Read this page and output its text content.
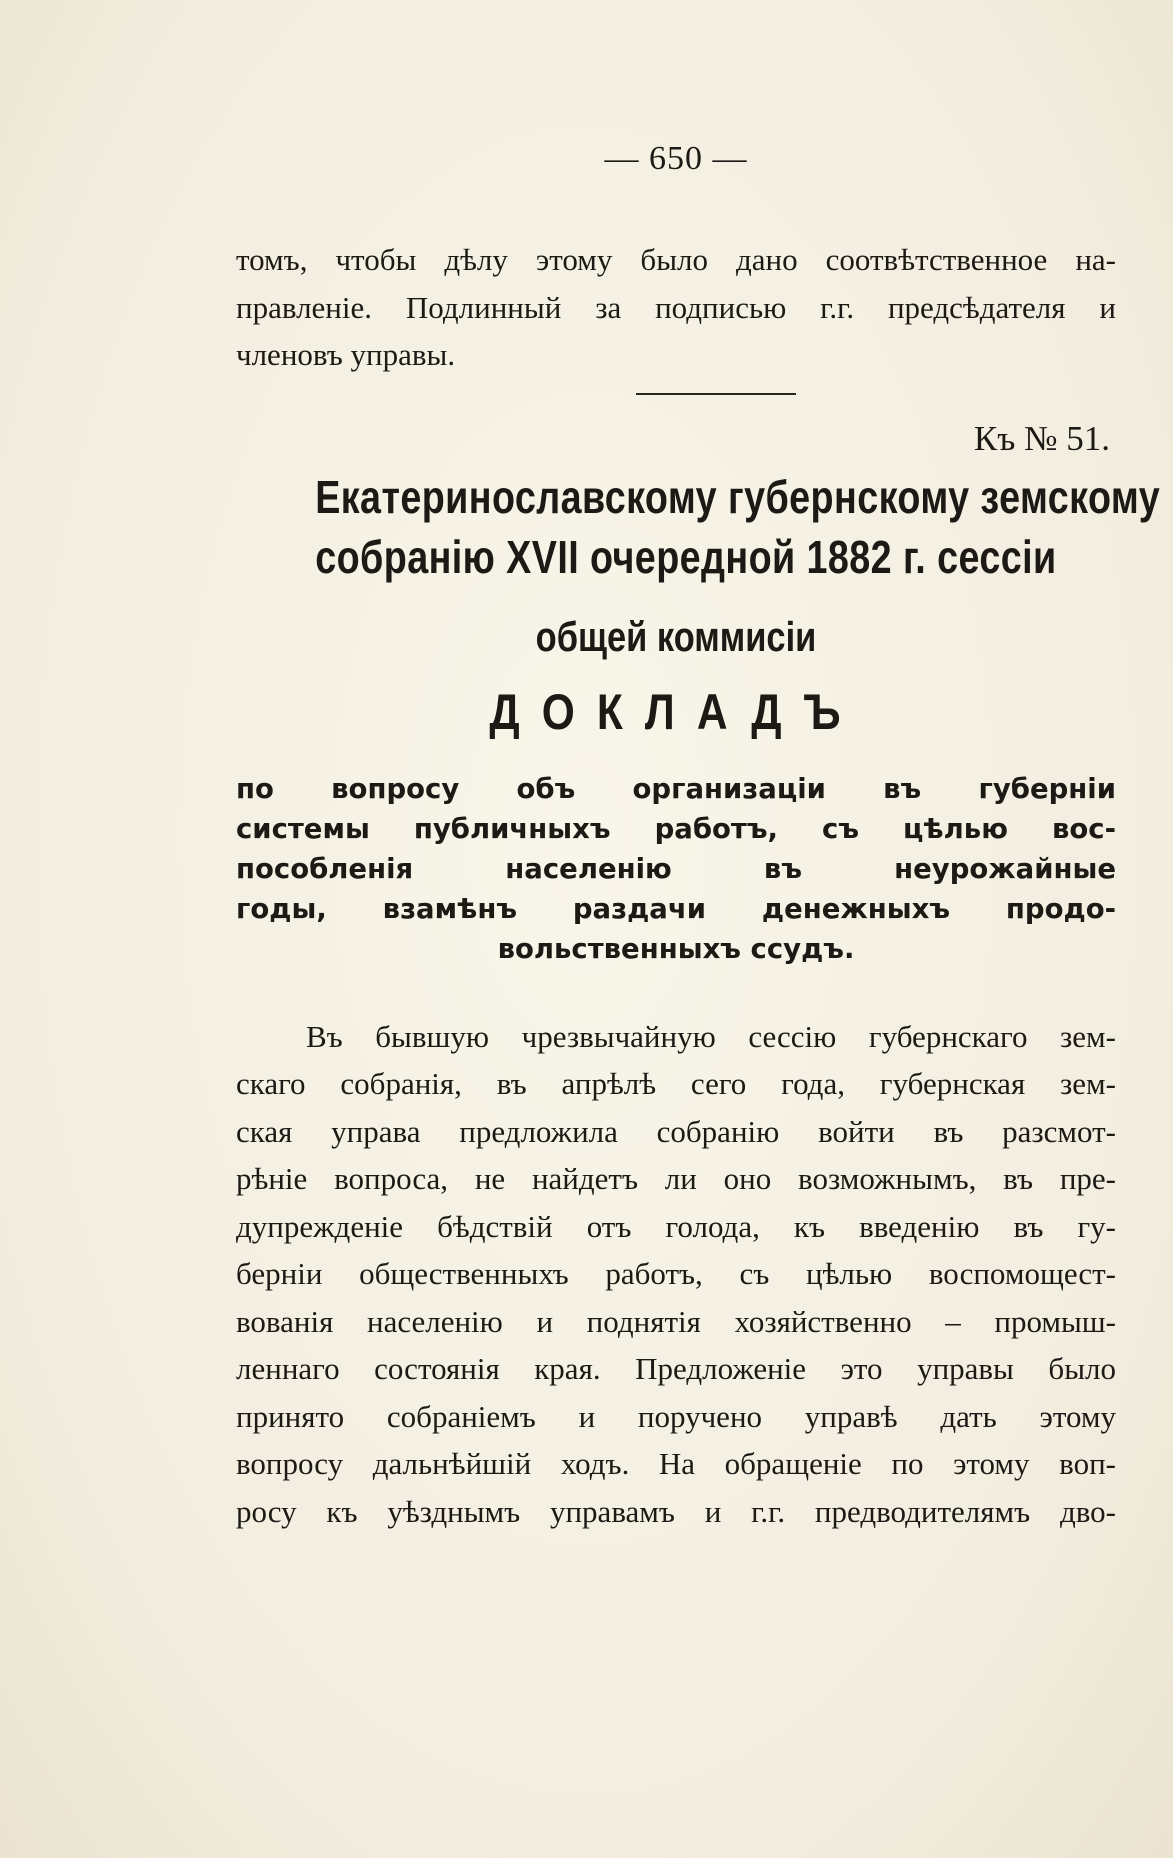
— 650 —

томъ, чтобы дѣлу этому было дано соотвѣтственное на-
правленіе. Подлинный за подписью г.г. предсѣдателя и
членовъ управы.

Къ № 51.
Екатеринославскому губернскому земскому
собранію XVII очередной 1882 г. сессіи
общей коммисіи
ДОКЛАДЪ
по вопросу объ организаціи въ губерніи
системы публичныхъ работъ, съ цѣлью вос-
пособленія населенію въ неурожайные
годы, взамѣнъ раздачи денежныхъ продо-
вольственныхъ ссудъ.

Въ бывшую чрезвычайную сессію губернскаго зем-
скаго собранія, въ апрѣлѣ сего года, губернская зем-
ская управа предложила собранію войти въ разсмот-
рѣніе вопроса, не найдетъ ли оно возможнымъ, въ пре-
дупрежденіе бѣдствій отъ голода, къ введенію въ гу-
берніи общественныхъ работъ, съ цѣлью воспомощест-
вованія населенію и поднятія хозяйственно – промыш-
леннаго состоянія края. Предложеніе это управы было
принято собраніемъ и поручено управѣ дать этому
вопросу дальнѣйшій ходъ. На обращеніе по этому воп-
росу къ уѣзднымъ управамъ и г.г. предводителямъ дво-
